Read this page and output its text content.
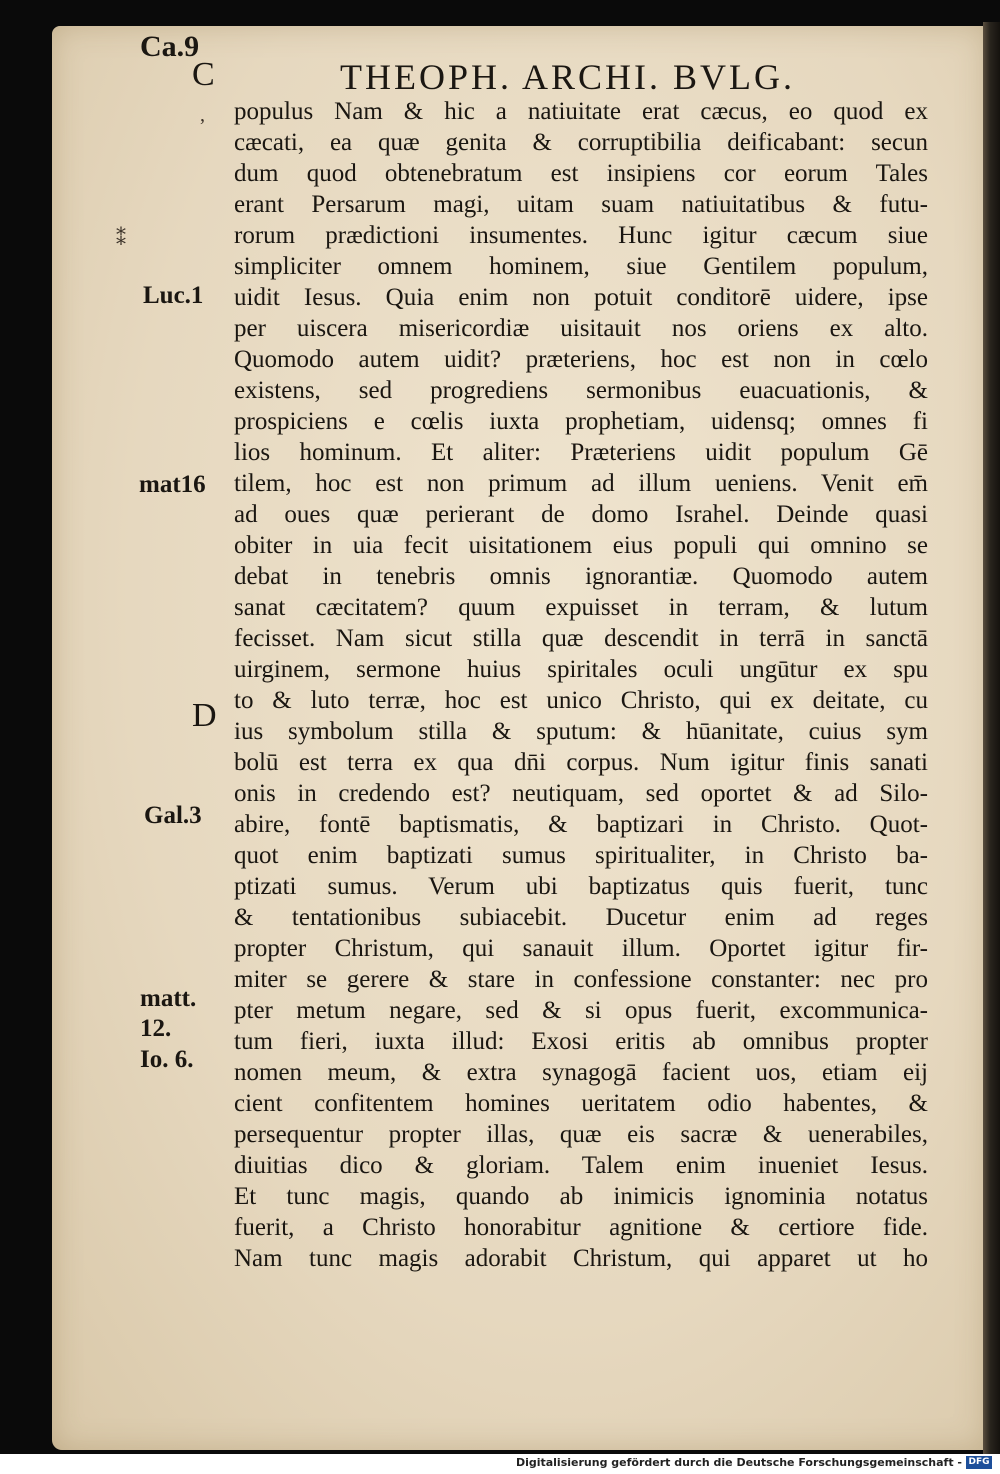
Ca.9
C	THEOPH. ARCHI. BVLG.
,
⁑
Luc.1
mat16
D
Gal.3
matt.
12.
Io. 6.
populus Nam & hic a natiuitate erat cæcus, eo quod ex
cæcati, ea quæ genita & corruptibilia deificabant: secun
dum quod obtenebratum est insipiens cor eorum Tales
erant Persarum magi, uitam suam natiuitatibus & futu-
rorum prædictioni insumentes. Hunc igitur cæcum siue
simpliciter omnem hominem, siue Gentilem populum,
uidit Iesus. Quia enim non potuit conditorē uidere, ipse
per uiscera misericordiæ uisitauit nos oriens ex alto.
Quomodo autem uidit? præteriens, hoc est non in cœlo
existens, sed progrediens sermonibus euacuationis, &
prospiciens e cœlis iuxta prophetiam, uidensq; omnes fi
lios hominum. Et aliter: Præteriens uidit populum Gē
tilem, hoc est non primum ad illum ueniens. Venit em̄
ad oues quæ perierant de domo Israhel. Deinde quasi
obiter in uia fecit uisitationem eius populi qui omnino se
debat in tenebris omnis ignorantiæ. Quomodo autem
sanat cæcitatem? quum expuisset in terram, & lutum
fecisset. Nam sicut stilla quæ descendit in terrā in sanctā
uirginem, sermone huius spiritales oculi ungūtur ex spu
to & luto terræ, hoc est unico Christo, qui ex deitate, cu
ius symbolum stilla & sputum: & hūanitate, cuius sym
bolū est terra ex qua dn̄i corpus. Num igitur finis sanati
onis in credendo est? neutiquam, sed oportet & ad Silo-
abire, fontē baptismatis, & baptizari in Christo. Quot-
quot enim baptizati sumus spiritualiter, in Christo ba-
ptizati sumus. Verum ubi baptizatus quis fuerit, tunc
& tentationibus subiacebit. Ducetur enim ad reges
propter Christum, qui sanauit illum. Oportet igitur fir-
miter se gerere & stare in confessione constanter: nec pro
pter metum negare, sed & si opus fuerit, excommunica-
tum fieri, iuxta illud: Exosi eritis ab omnibus propter
nomen meum, & extra synagogā facient uos, etiam eij
cient confitentem homines ueritatem odio habentes, &
persequentur propter illas, quæ eis sacræ & uenerabiles,
diuitias dico & gloriam. Talem enim inueniet Iesus.
Et tunc magis, quando ab inimicis ignominia notatus
fuerit, a Christo honorabitur agnitione & certiore fide.
Nam tunc magis adorabit Christum, qui apparet ut ho
Digitalisierung gefördert durch die Deutsche Forschungsgemeinschaft - DFG
